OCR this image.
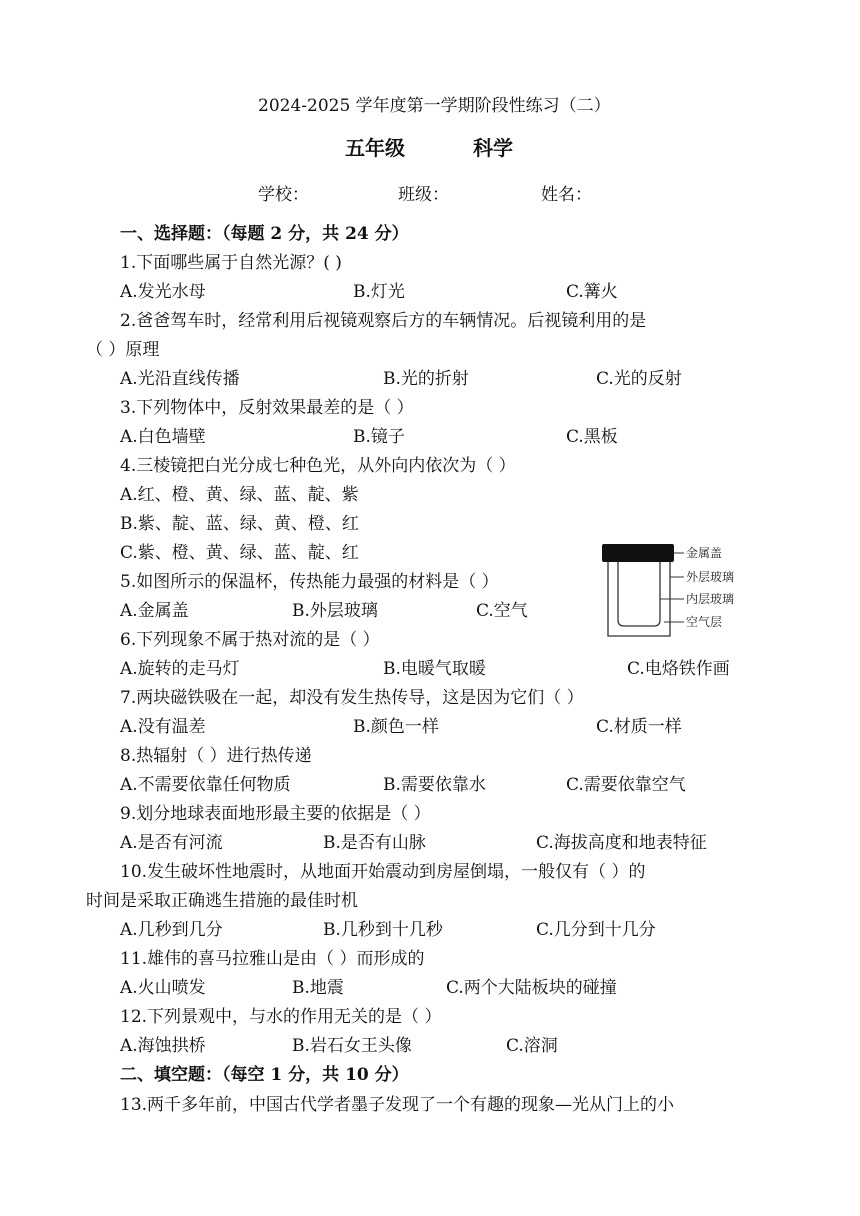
2024-2025 学年度第一学期阶段性练习（二）
五年级	科学
学校：	班级：	姓名：
一、选择题：（每题 2 分，共 24 分）
1.下面哪些属于自然光源？( )
A.发光水母	B.灯光	C.篝火
2.爸爸驾车时，经常利用后视镜观察后方的车辆情况。后视镜利用的是
（ ）原理
A.光沿直线传播	B.光的折射	C.光的反射
3.下列物体中，反射效果最差的是（ ）
A.白色墙壁	B.镜子	C.黑板
4.三棱镜把白光分成七种色光，从外向内依次为（ ）
A.红、橙、黄、绿、蓝、靛、紫
B.紫、靛、蓝、绿、黄、橙、红
C.紫、橙、黄、绿、蓝、靛、红	金属盖
外层玻璃
内层玻璃
空气层
5.如图所示的保温杯，传热能力最强的材料是（ ）
A.金属盖	B.外层玻璃	C.空气
6.下列现象不属于热对流的是（ ）
A.旋转的走马灯	B.电暖气取暖	C.电烙铁作画
7.两块磁铁吸在一起，却没有发生热传导，这是因为它们（ ）
A.没有温差	B.颜色一样	C.材质一样
8.热辐射（ ）进行热传递
A.不需要依靠任何物质	B.需要依靠水	C.需要依靠空气
9.划分地球表面地形最主要的依据是（ ）
A.是否有河流	B.是否有山脉	C.海拔高度和地表特征
10.发生破坏性地震时，从地面开始震动到房屋倒塌，一般仅有（ ）的
时间是采取正确逃生措施的最佳时机
A.几秒到几分	B.几秒到十几秒	C.几分到十几分
11.雄伟的喜马拉雅山是由（ ）而形成的
A.火山喷发	B.地震	C.两个大陆板块的碰撞
12.下列景观中，与水的作用无关的是（ ）
A.海蚀拱桥	B.岩石女王头像	C.溶洞
二、填空题：（每空 1 分，共 10 分）
13.两千多年前，中国古代学者墨子发现了一个有趣的现象—光从门上的小
